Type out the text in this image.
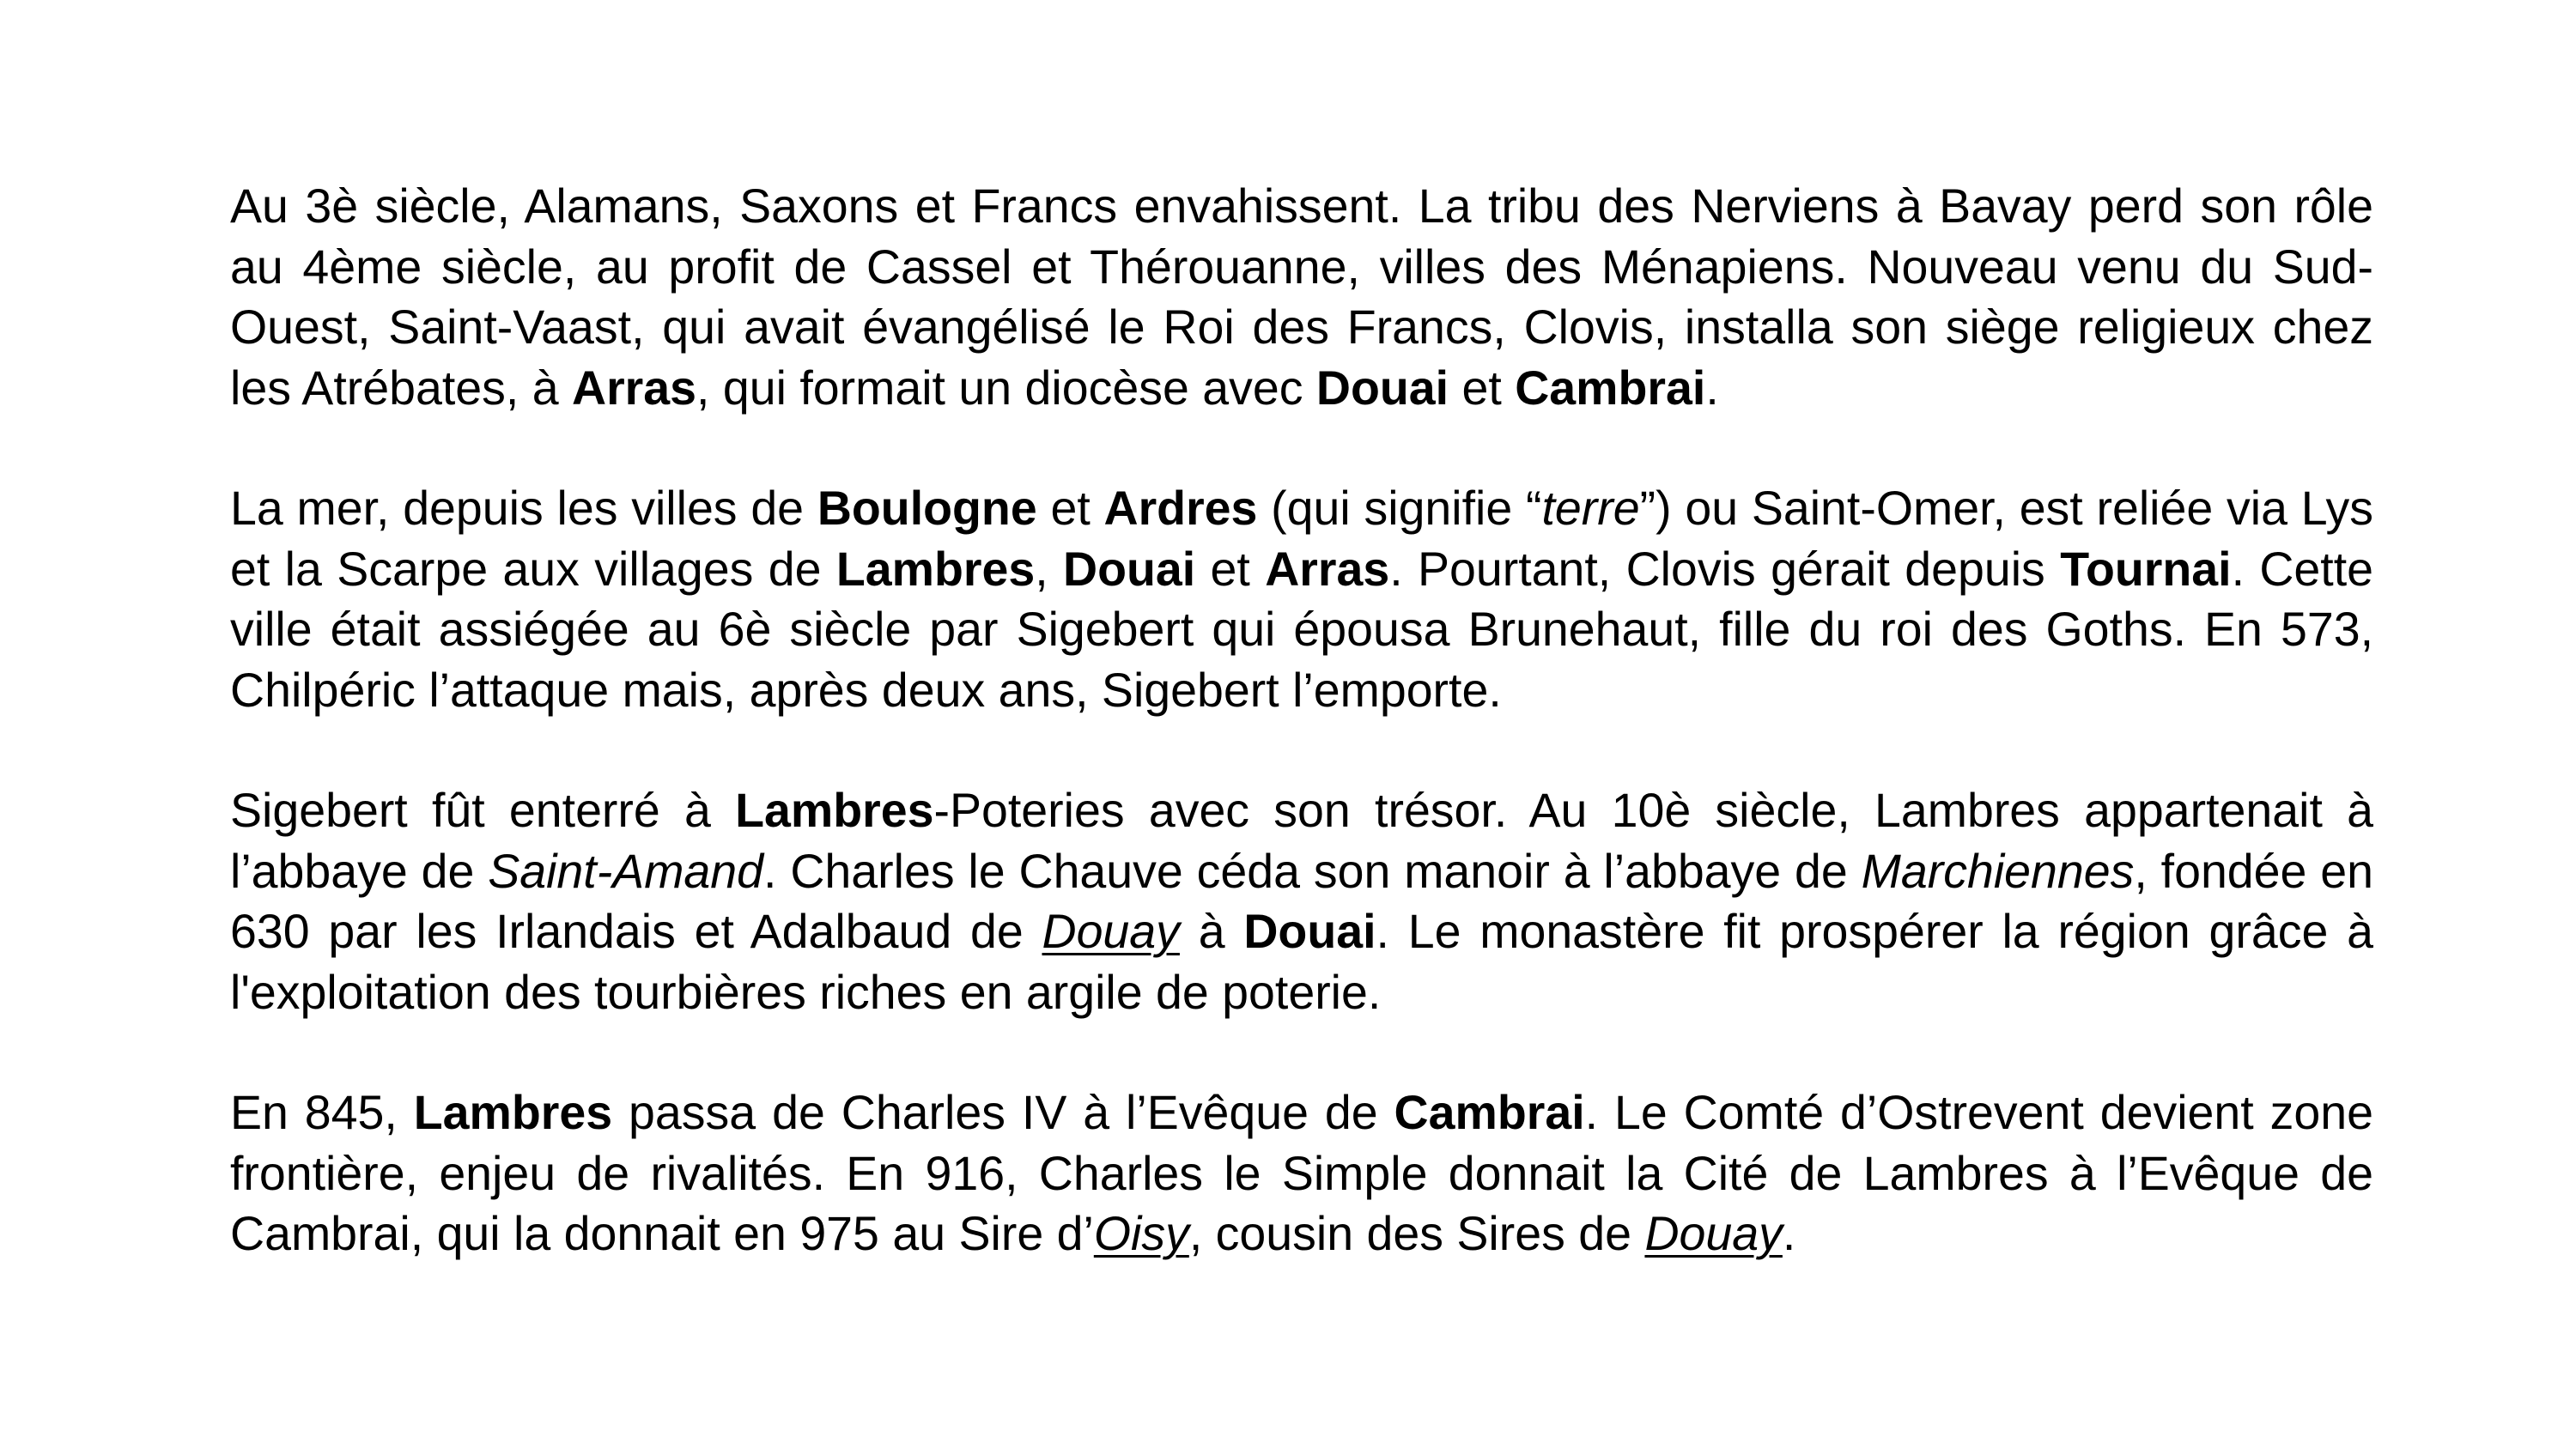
Au 3è siècle, Alamans, Saxons et Francs envahissent. La tribu des Nerviens à Bavay perd son rôle au 4ème siècle, au profit de Cassel et Thérouanne, villes des Ménapiens. Nouveau venu du Sud-Ouest, Saint-Vaast, qui avait évangélisé le Roi des Francs, Clovis, installa son siège religieux chez les Atrébates, à Arras, qui formait un diocèse avec Douai et Cambrai.

La mer, depuis les villes de Boulogne et Ardres (qui signifie “terre”) ou Saint-Omer, est reliée via Lys et la Scarpe aux villages de Lambres, Douai et Arras. Pourtant, Clovis gérait depuis Tournai. Cette ville était assiégée au 6è siècle par Sigebert qui épousa Brunehaut, fille du roi des Goths. En 573, Chilpéric l’attaque mais, après deux ans, Sigebert l’emporte.

Sigebert fût enterré à Lambres-Poteries avec son trésor. Au 10è siècle, Lambres appartenait à l’abbaye de Saint-Amand. Charles le Chauve céda son manoir à l’abbaye de Marchiennes, fondée en 630 par les Irlandais et Adalbaud de Douay à Douai. Le monastère fit prospérer la région grâce à l'exploitation des tourbières riches en argile de poterie.

En 845, Lambres passa de Charles IV à l’Evêque de Cambrai. Le Comté d’Ostrevent devient zone frontière, enjeu de rivalités. En 916, Charles le Simple donnait la Cité de Lambres à l’Evêque de Cambrai, qui la donnait en 975 au Sire d’Oisy, cousin des Sires de Douay.
